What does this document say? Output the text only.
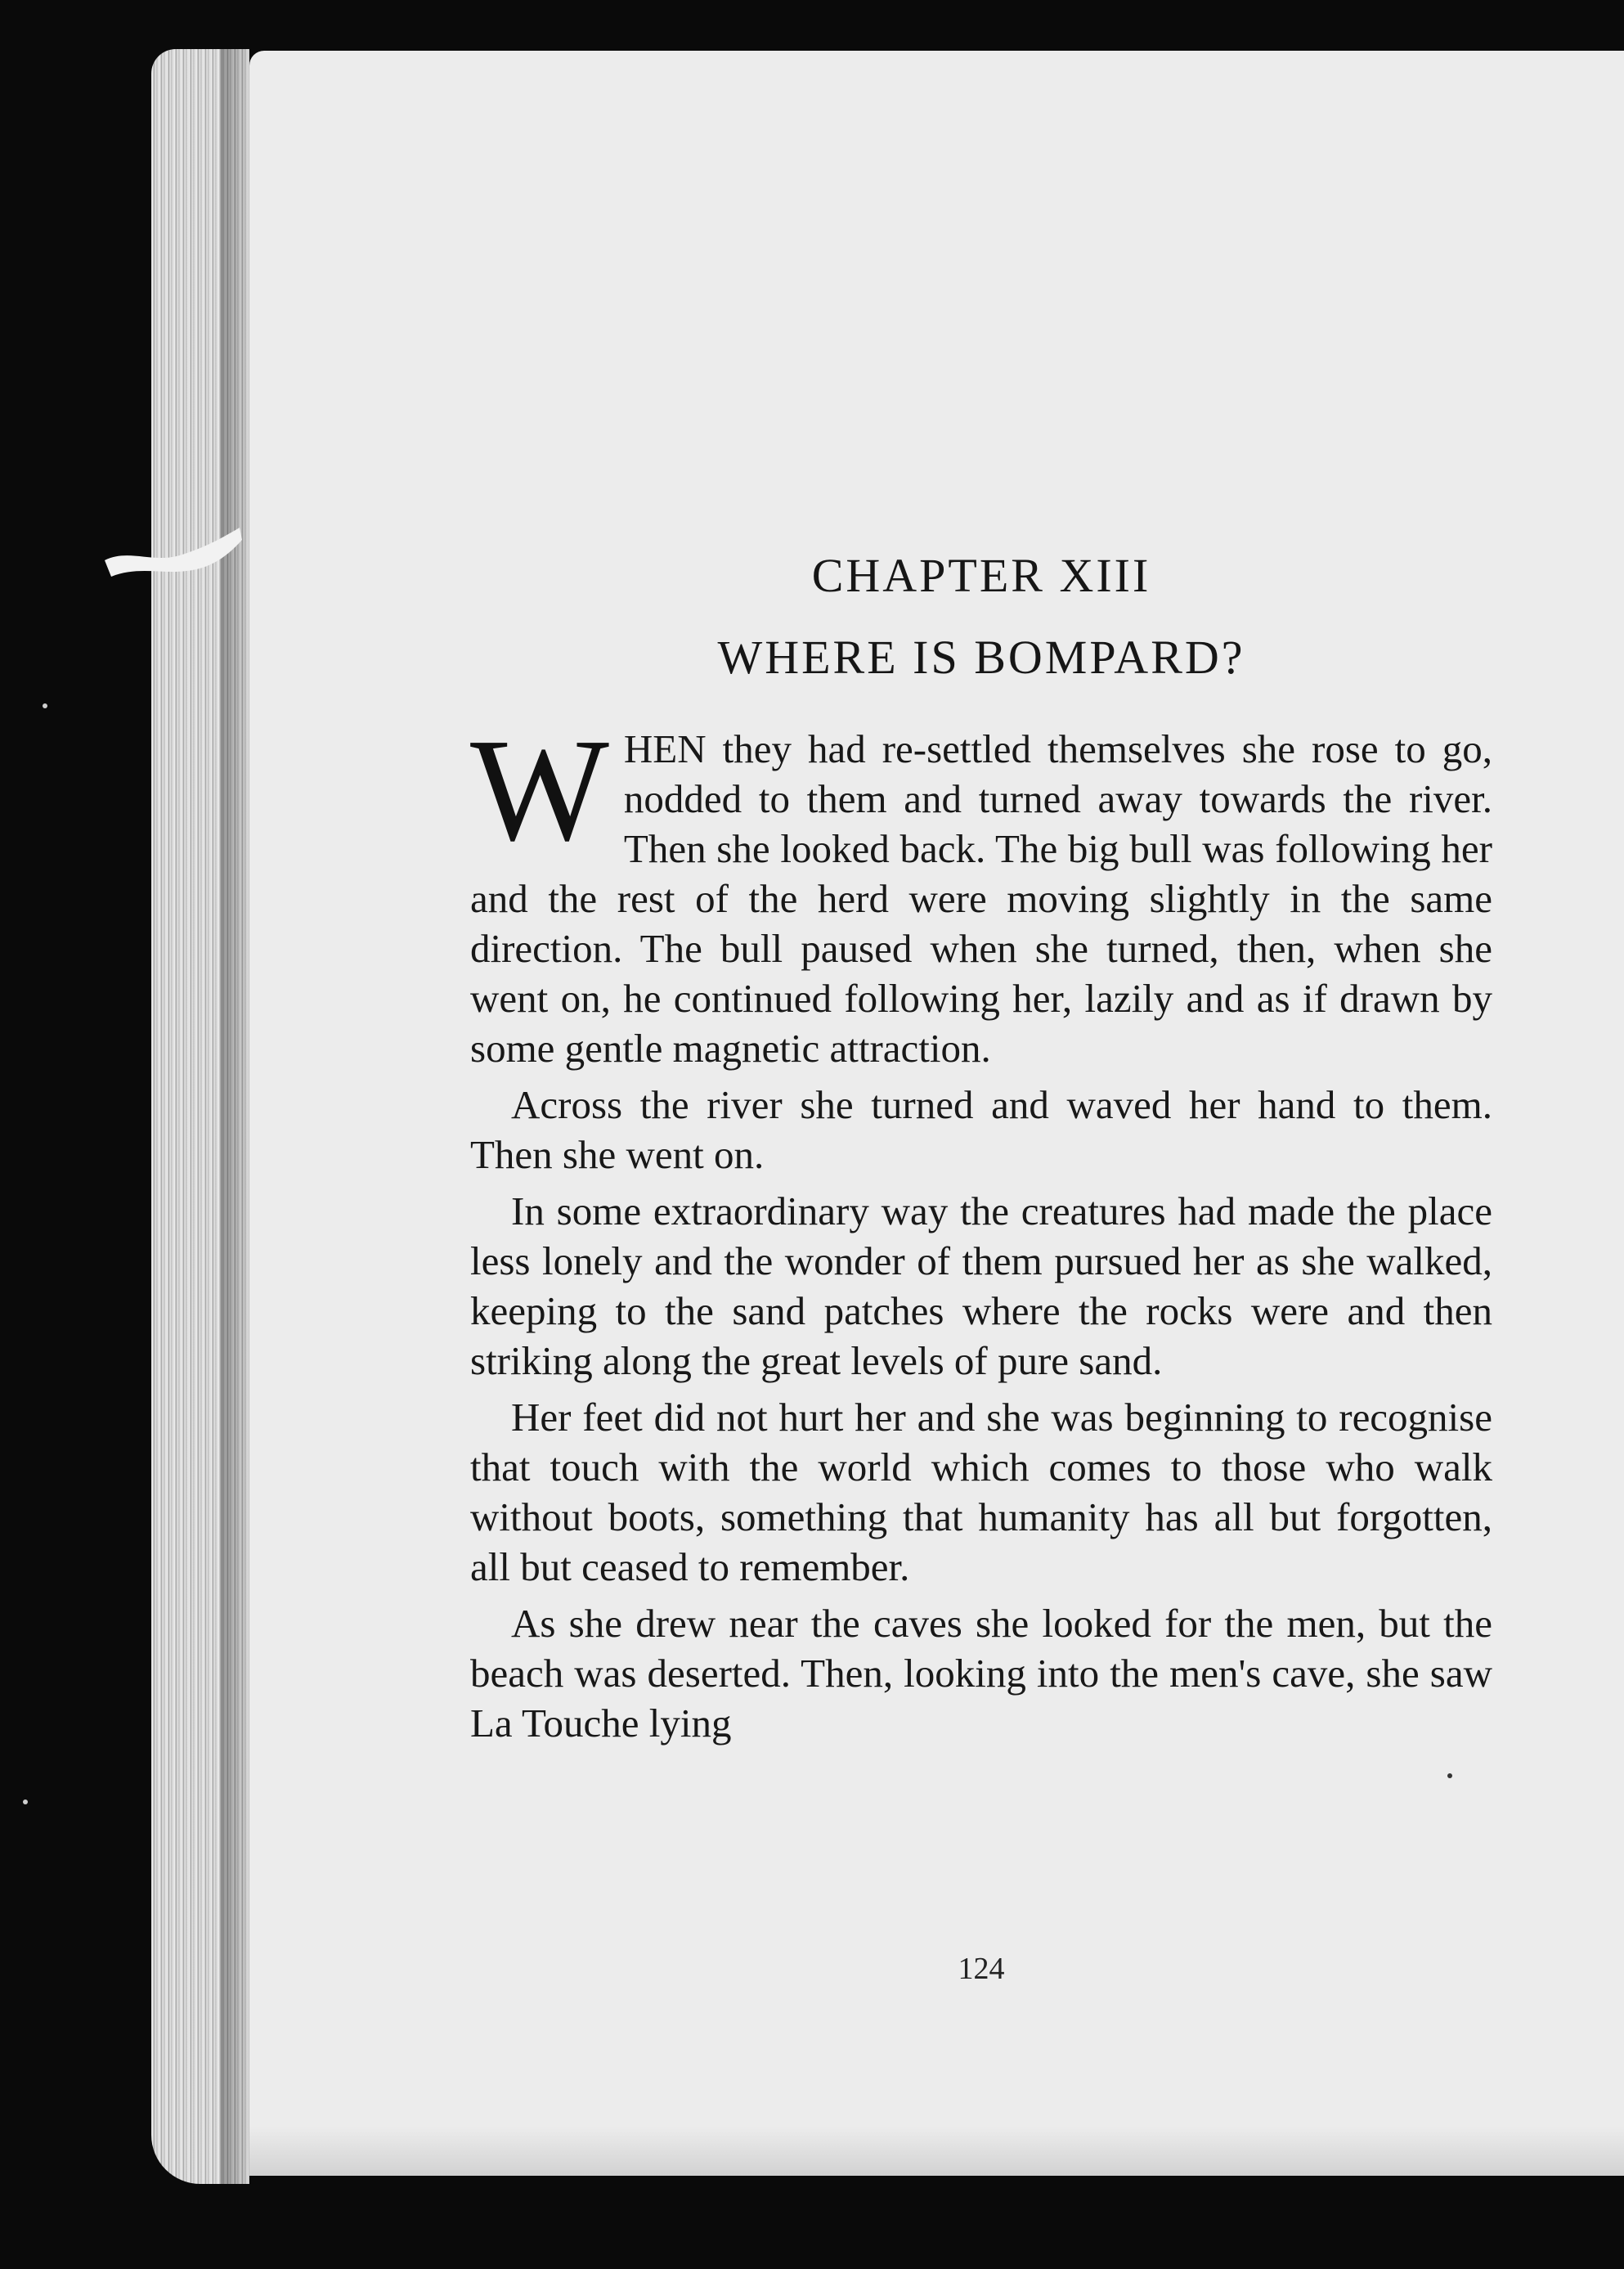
CHAPTER XIII
WHERE IS BOMPARD?

WHEN they had re-settled themselves she rose to go, nodded to them and turned away towards the river. Then she looked back. The big bull was following her and the rest of the herd were moving slightly in the same direction. The bull paused when she turned, then, when she went on, he continued following her, lazily and as if drawn by some gentle magnetic attraction.

Across the river she turned and waved her hand to them. Then she went on.

In some extraordinary way the creatures had made the place less lonely and the wonder of them pursued her as she walked, keeping to the sand patches where the rocks were and then striking along the great levels of pure sand.

Her feet did not hurt her and she was beginning to recognise that touch with the world which comes to those who walk without boots, something that humanity has all but forgotten, all but ceased to remember.

As she drew near the caves she looked for the men, but the beach was deserted. Then, looking into the men's cave, she saw La Touche lying

124
